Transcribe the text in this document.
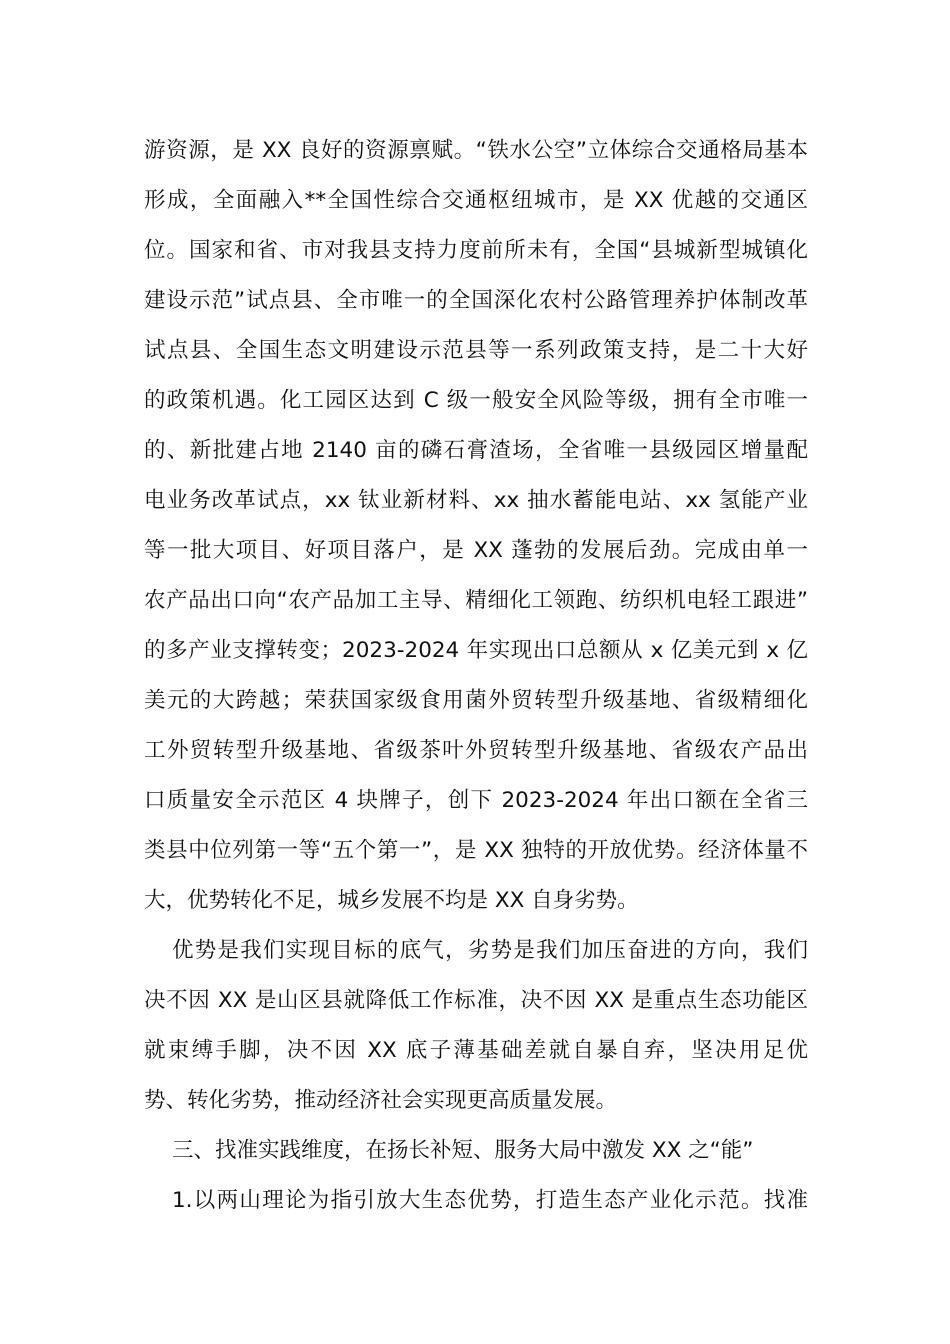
游资源，是 XX 良好的资源禀赋。“铁水公空”立体综合交通格局基本
形成，全面融入**全国性综合交通枢纽城市，是 XX 优越的交通区
位。国家和省、市对我县支持力度前所未有，全国“县城新型城镇化
建设示范”试点县、全市唯一的全国深化农村公路管理养护体制改革
试点县、全国生态文明建设示范县等一系列政策支持，是二十大好
的政策机遇。化工园区达到 C 级一般安全风险等级，拥有全市唯一
的、新批建占地 2140 亩的磷石膏渣场，全省唯一县级园区增量配
电业务改革试点，xx 钛业新材料、xx 抽水蓄能电站、xx 氢能产业
等一批大项目、好项目落户，是 XX 蓬勃的发展后劲。完成由单一
农产品出口向“农产品加工主导、精细化工领跑、纺织机电轻工跟进”
的多产业支撑转变；2023-2024 年实现出口总额从 x 亿美元到 x 亿
美元的大跨越；荣获国家级食用菌外贸转型升级基地、省级精细化
工外贸转型升级基地、省级茶叶外贸转型升级基地、省级农产品出
口质量安全示范区 4 块牌子，创下 2023-2024 年出口额在全省三
类县中位列第一等“五个第一”，是 XX 独特的开放优势。经济体量不
大，优势转化不足，城乡发展不均是 XX 自身劣势。
优势是我们实现目标的底气，劣势是我们加压奋进的方向，我们
决不因 XX 是山区县就降低工作标准，决不因 XX 是重点生态功能区
就束缚手脚，决不因 XX 底子薄基础差就自暴自弃，坚决用足优
势、转化劣势，推动经济社会实现更高质量发展。
三、找准实践维度，在扬长补短、服务大局中激发 XX 之“能”
1.以两山理论为指引放大生态优势，打造生态产业化示范。找准
